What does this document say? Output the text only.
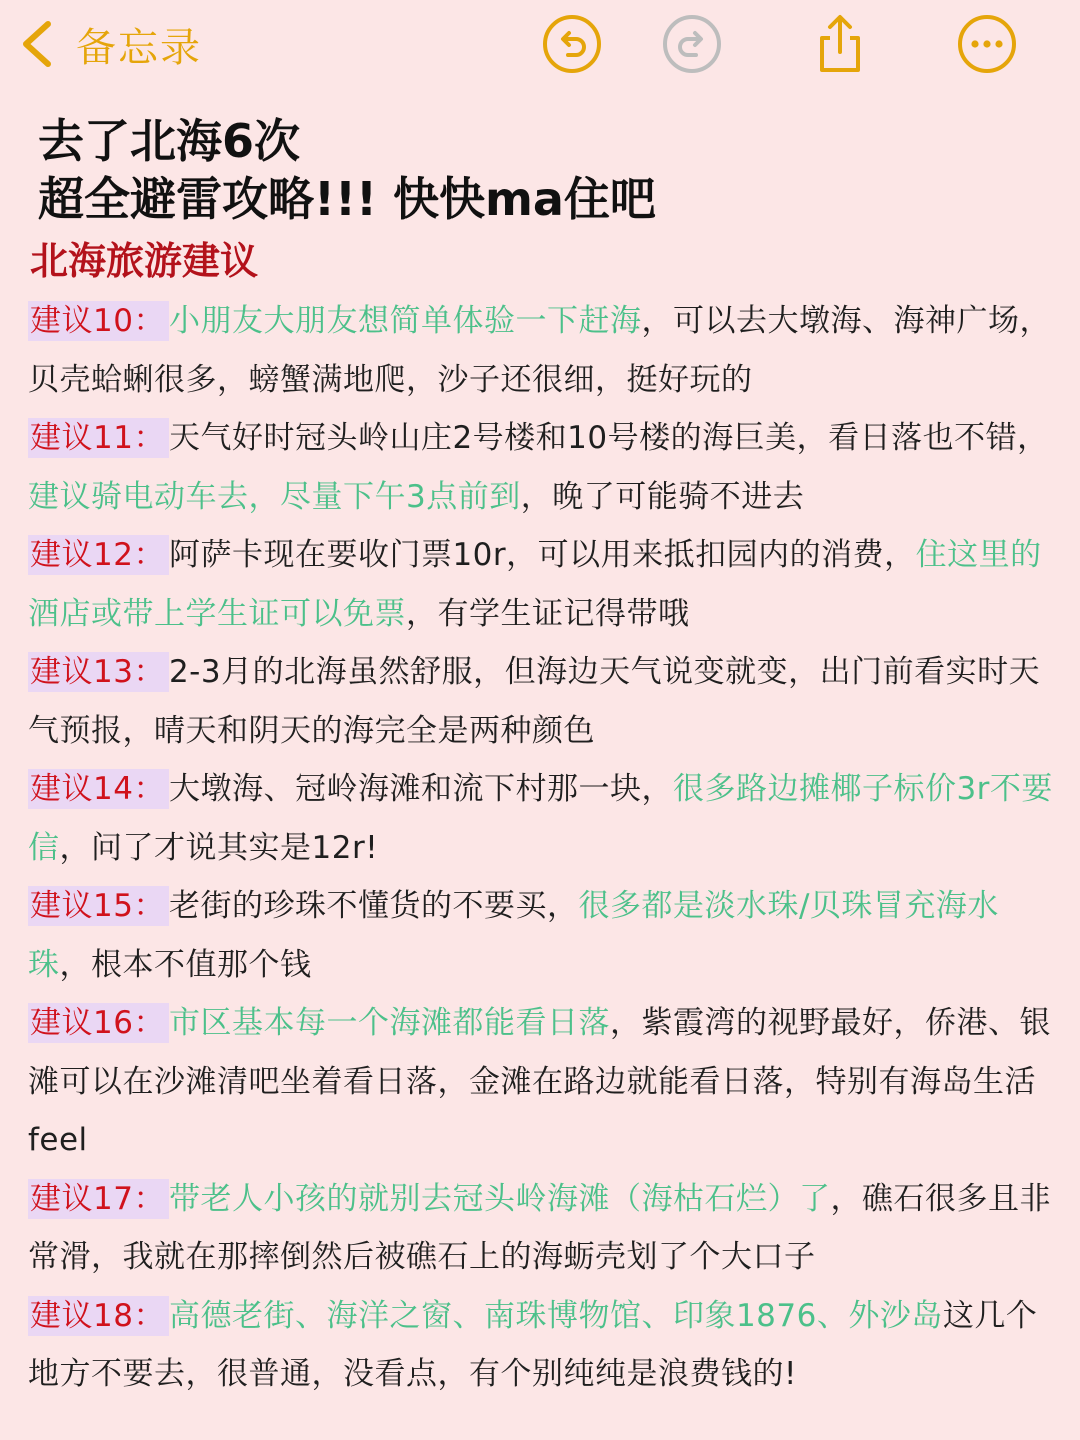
备忘录
去了北海6次
超全避雷攻略!!! 快快ma住吧
北海旅游建议

建议10： 小朋友大朋友想简单体验一下赶海，可以去大墩海、海神广场，贝壳蛤蜊很多，螃蟹满地爬，沙子还很细，挺好玩的

建议11： 天气好时冠头岭山庄2号楼和10号楼的海巨美，看日落也不错，建议骑电动车去，尽量下午3点前到，晚了可能骑不进去

建议12： 阿萨卡现在要收门票10r，可以用来抵扣园内的消费，住这里的酒店或带上学生证可以免票，有学生证记得带哦

建议13： 2-3月的北海虽然舒服，但海边天气说变就变，出门前看实时天气预报，晴天和阴天的海完全是两种颜色

建议14： 大墩海、冠岭海滩和流下村那一块，很多路边摊椰子标价3r不要信，问了才说其实是12r!

建议15： 老街的珍珠不懂货的不要买，很多都是淡水珠/贝珠冒充海水珠，根本不值那个钱

建议16： 市区基本每一个海滩都能看日落，紫霞湾的视野最好，侨港、银滩可以在沙滩清吧坐着看日落，金滩在路边就能看日落，特别有海岛生活feel

建议17： 带老人小孩的就别去冠头岭海滩（海枯石烂）了，礁石很多且非常滑，我就在那摔倒然后被礁石上的海蛎壳划了个大口子

建议18： 高德老街、海洋之窗、南珠博物馆、印象1876、外沙岛这几个地方不要去，很普通，没看点，有个别纯纯是浪费钱的!
